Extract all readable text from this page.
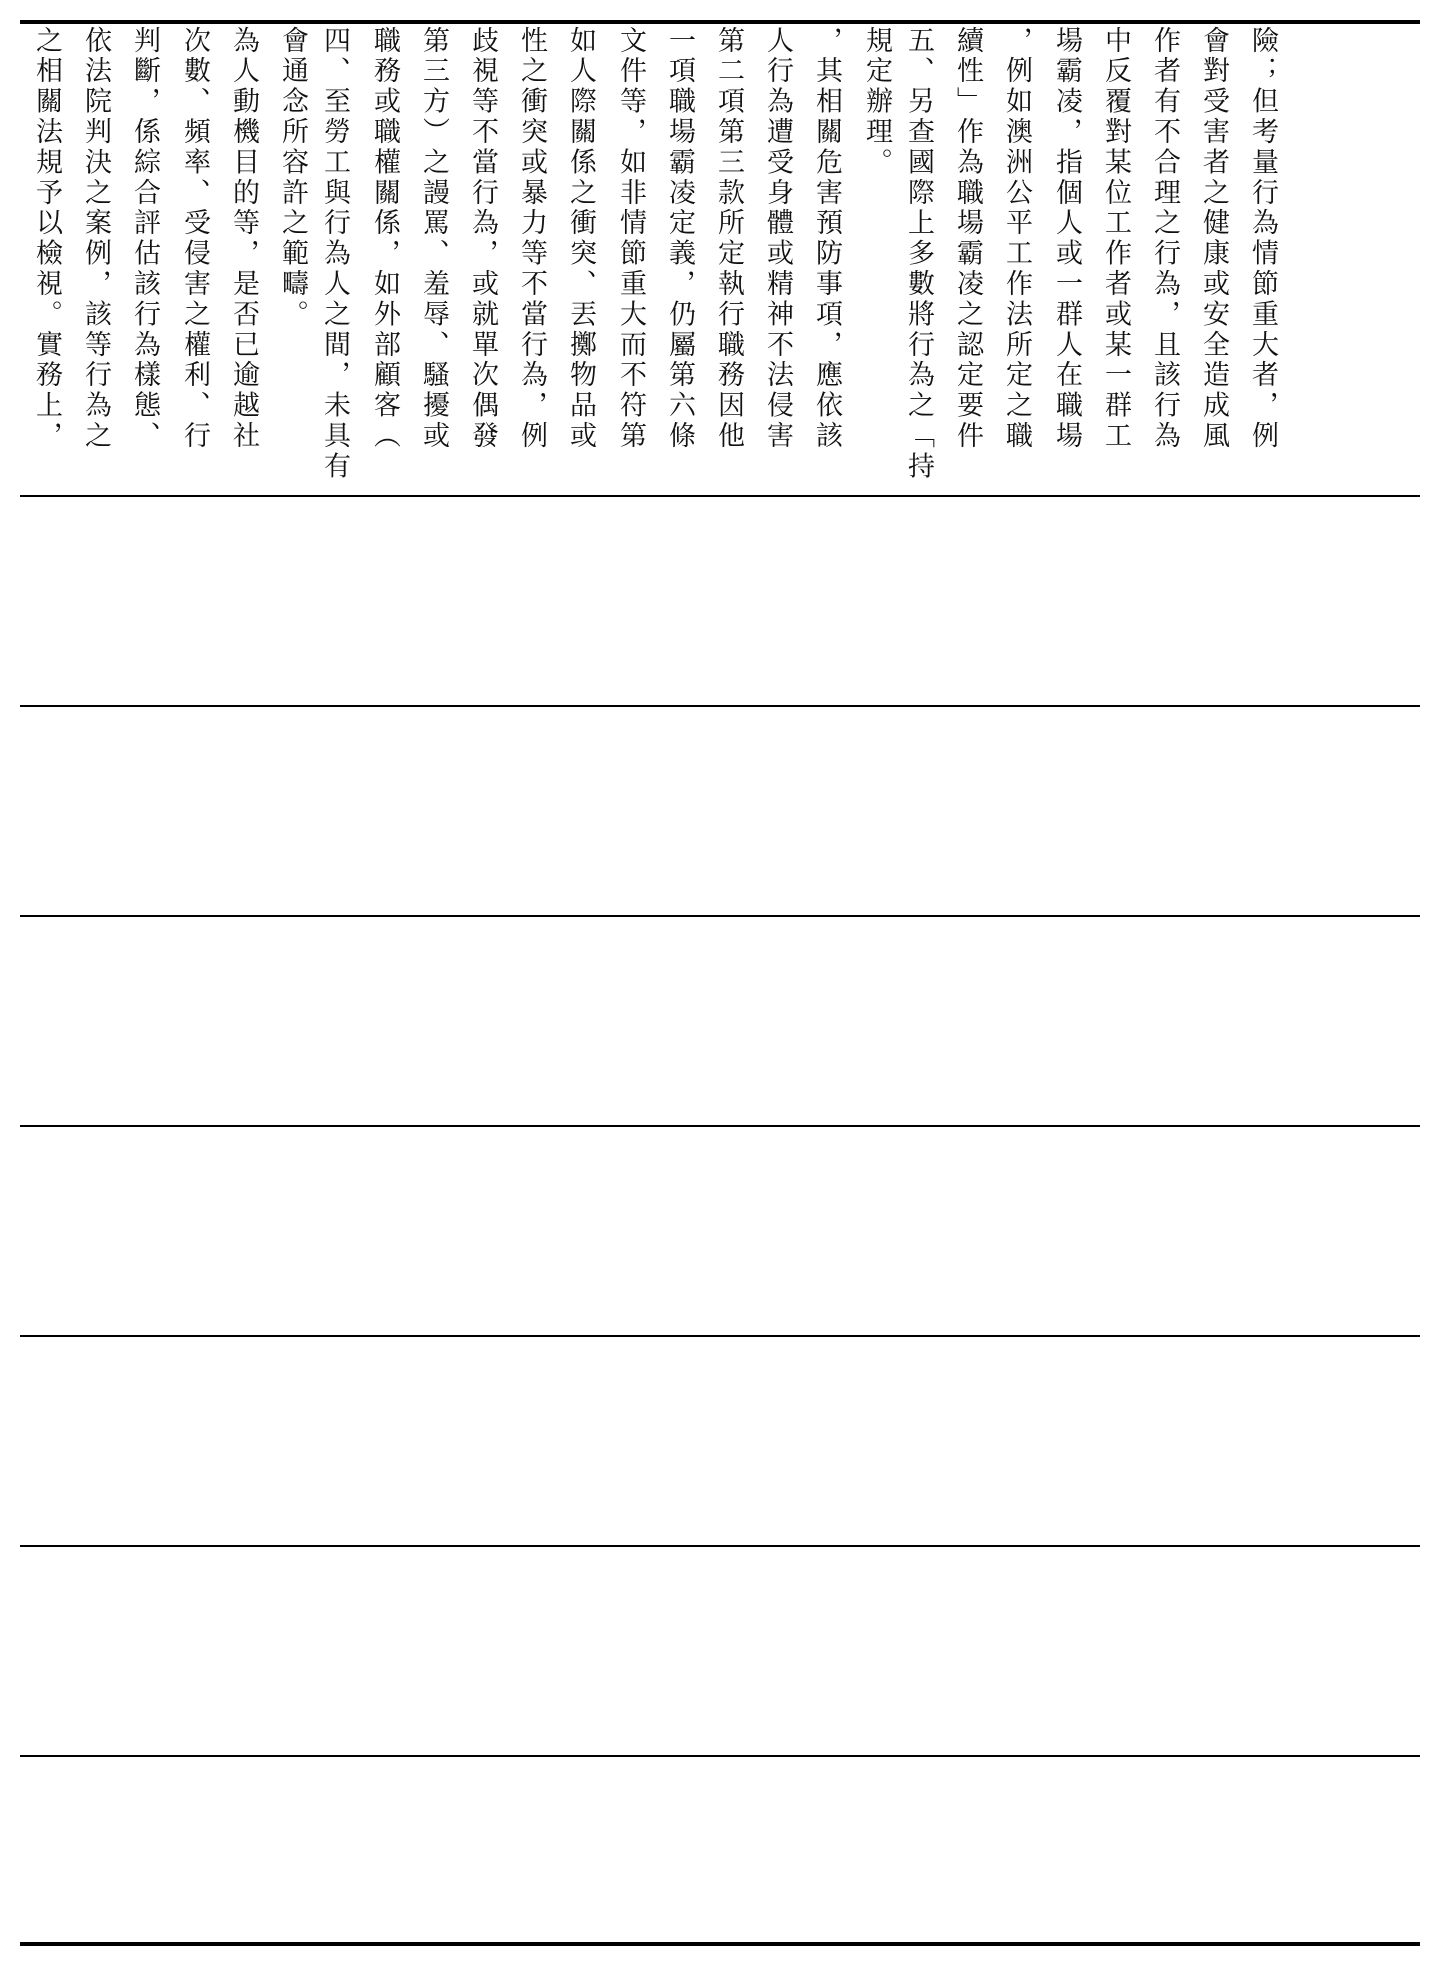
之相關法規予以檢視。實務上， 依法院判決之案例，該等行為之 判斷，係綜合評估該行為樣態、 次數、頻率、受侵害之權利、行 為人動機目的等，是否已逾越社 會通念所容許之範疇。 四、至勞工與行為人之間，未具有 職務或職權關係，如外部顧客（ 第三方）之謾罵、羞辱、騷擾或 歧視等不當行為，或就單次偶發 性之衝突或暴力等不當行為，例 如人際關係之衝突、丟擲物品或 文件等，如非情節重大而不符第 一項職場霸凌定義，仍屬第六條 第二項第三款所定執行職務因他 人行為遭受身體或精神不法侵害 ，其相關危害預防事項，應依該 規定辦理。 五、另查國際上多數將行為之「持 續性」作為職場霸凌之認定要件 ，例如澳洲公平工作法所定之職 場霸凌，指個人或一群人在職場 中反覆對某位工作者或某一群工 作者有不合理之行為，且該行為 會對受害者之健康或安全造成風 險；但考量行為情節重大者，例
